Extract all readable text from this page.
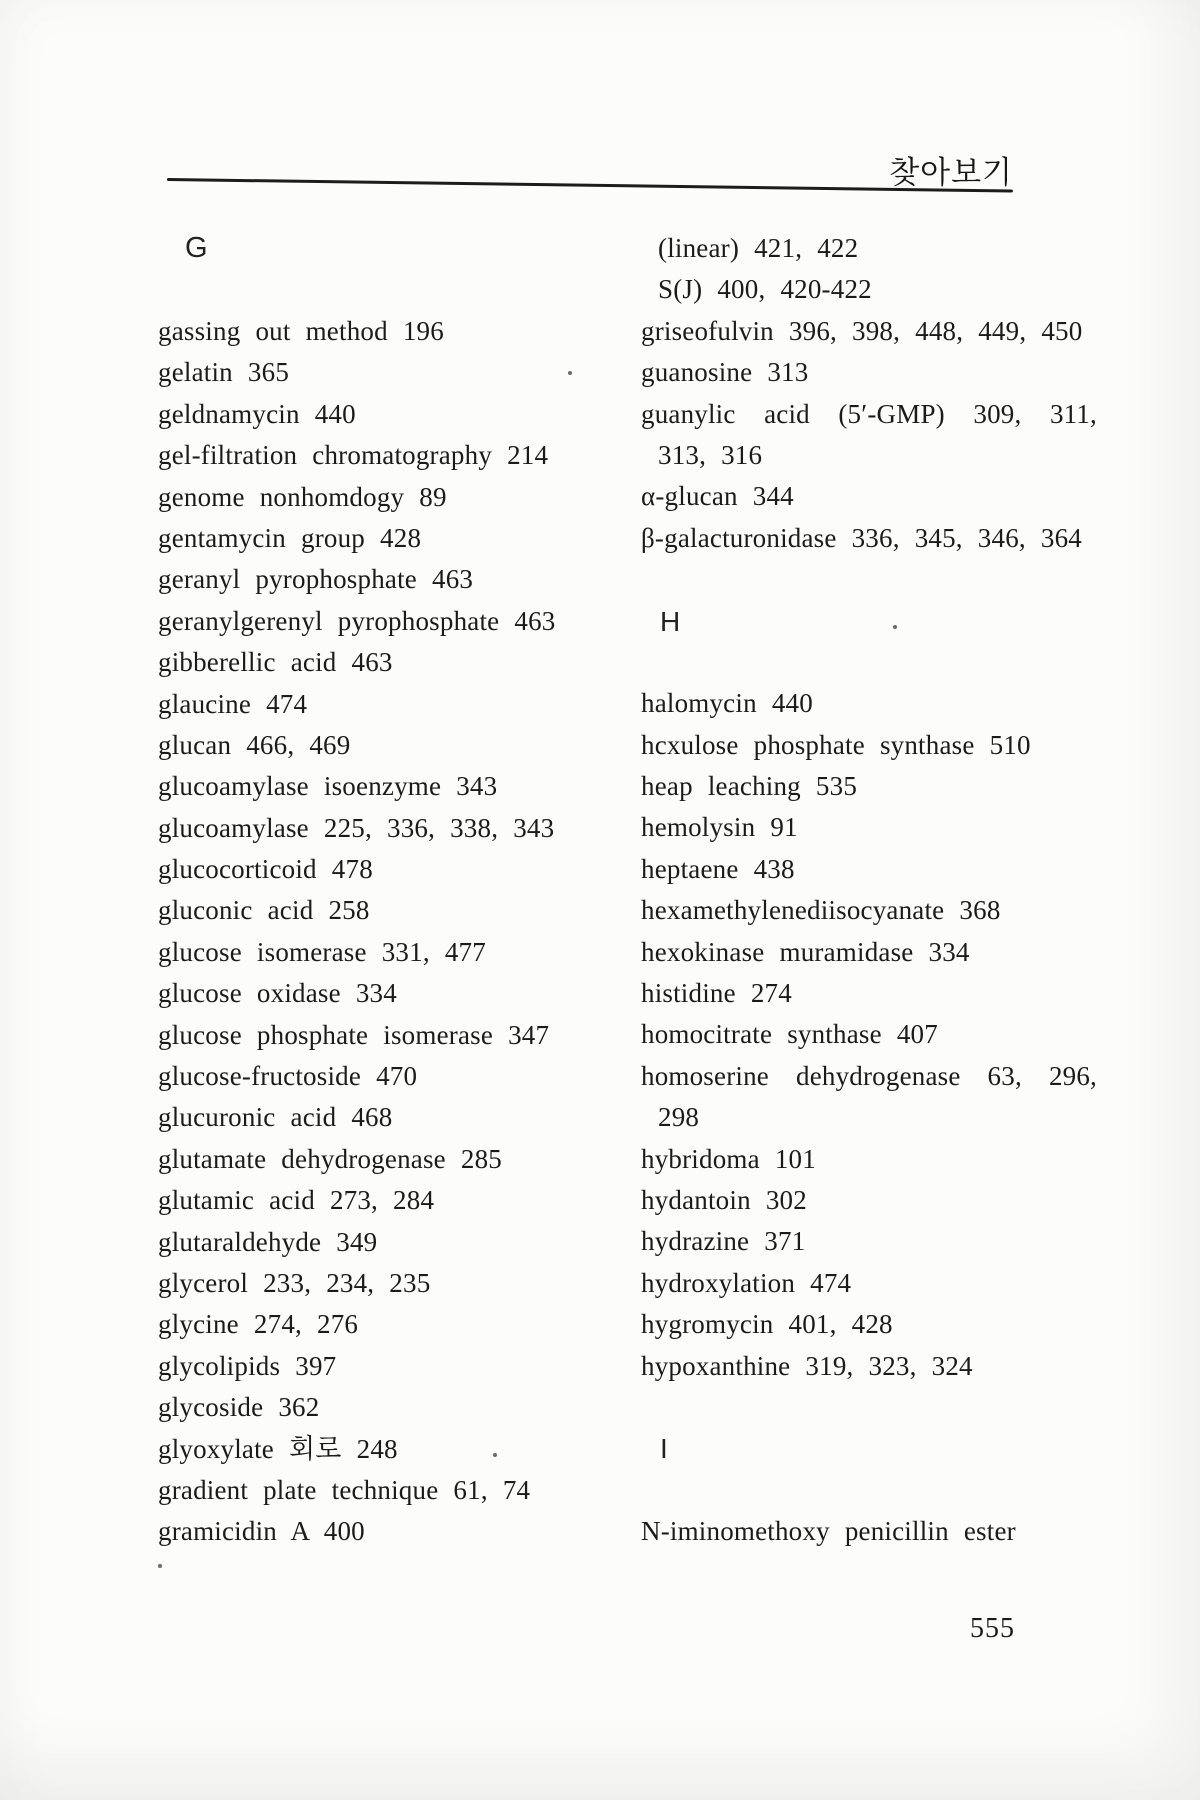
찾아보기
G
gassing out method 196
gelatin 365
geldnamycin 440
gel-filtration chromatography 214
genome nonhomdogy 89
gentamycin group 428
geranyl pyrophosphate 463
geranylgerenyl pyrophosphate 463
gibberellic acid 463
glaucine 474
glucan 466, 469
glucoamylase isoenzyme 343
glucoamylase 225, 336, 338, 343
glucocorticoid 478
gluconic acid 258
glucose isomerase 331, 477
glucose oxidase 334
glucose phosphate isomerase 347
glucose-fructoside 470
glucuronic acid 468
glutamate dehydrogenase 285
glutamic acid 273, 284
glutaraldehyde 349
glycerol 233, 234, 235
glycine 274, 276
glycolipids 397
glycoside 362
glyoxylate 회로 248
gradient plate technique 61, 74
gramicidin A 400
(linear) 421, 422
S(J) 400, 420-422
griseofulvin 396, 398, 448, 449, 450
guanosine 313
guanylic acid (5′-GMP) 309, 311,
313, 316
α-glucan 344
β-galacturonidase 336, 345, 346, 364
H
halomycin 440
hcxulose phosphate synthase 510
heap leaching 535
hemolysin 91
heptaene 438
hexamethylenediisocyanate 368
hexokinase muramidase 334
histidine 274
homocitrate synthase 407
homoserine dehydrogenase 63, 296,
298
hybridoma 101
hydantoin 302
hydrazine 371
hydroxylation 474
hygromycin 401, 428
hypoxanthine 319, 323, 324
I
N-iminomethoxy penicillin ester
555
